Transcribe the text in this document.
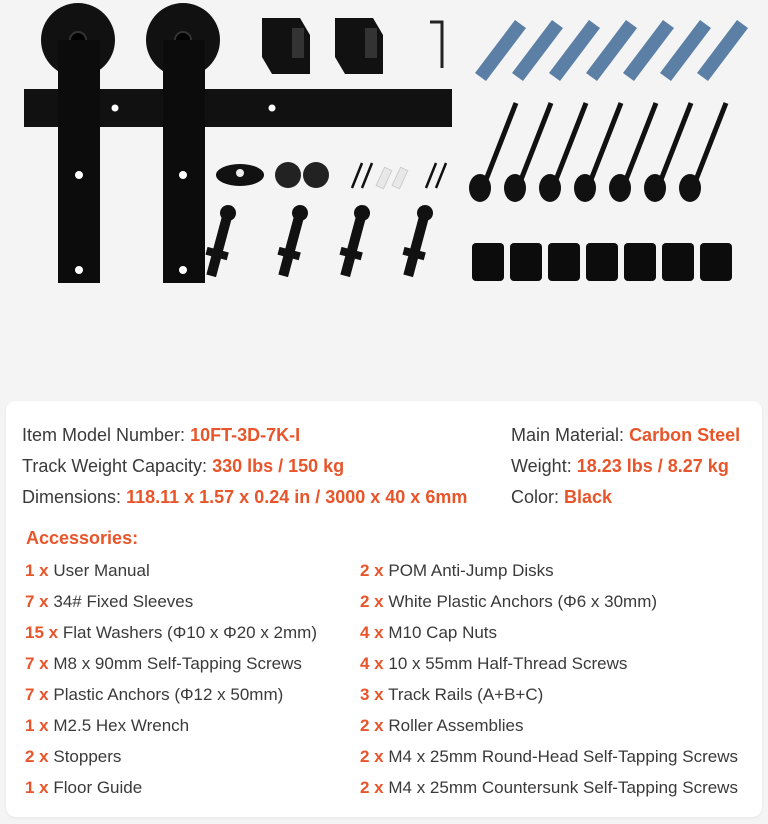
Item Model Number: 10FT-3D-7K-I
Track Weight Capacity: 330 lbs / 150 kg
Dimensions: 118.11 x 1.57 x 0.24 in / 3000 x 40 x 6mm
Main Material: Carbon Steel
Weight: 18.23 lbs / 8.27 kg
Color: Black
Accessories:
1 x User Manual
7 x 34# Fixed Sleeves
15 x Flat Washers (Φ10 x Φ20 x 2mm)
7 x M8 x 90mm Self-Tapping Screws
7 x Plastic Anchors (Φ12 x 50mm)
1 x M2.5 Hex Wrench
2 x Stoppers
1 x Floor Guide
2 x POM Anti-Jump Disks
2 x White Plastic Anchors (Φ6 x 30mm)
4 x M10 Cap Nuts
4 x 10 x 55mm Half-Thread Screws
3 x Track Rails (A+B+C)
2 x Roller Assemblies
2 x M4 x 25mm Round-Head Self-Tapping Screws
2 x M4 x 25mm Countersunk Self-Tapping Screws
